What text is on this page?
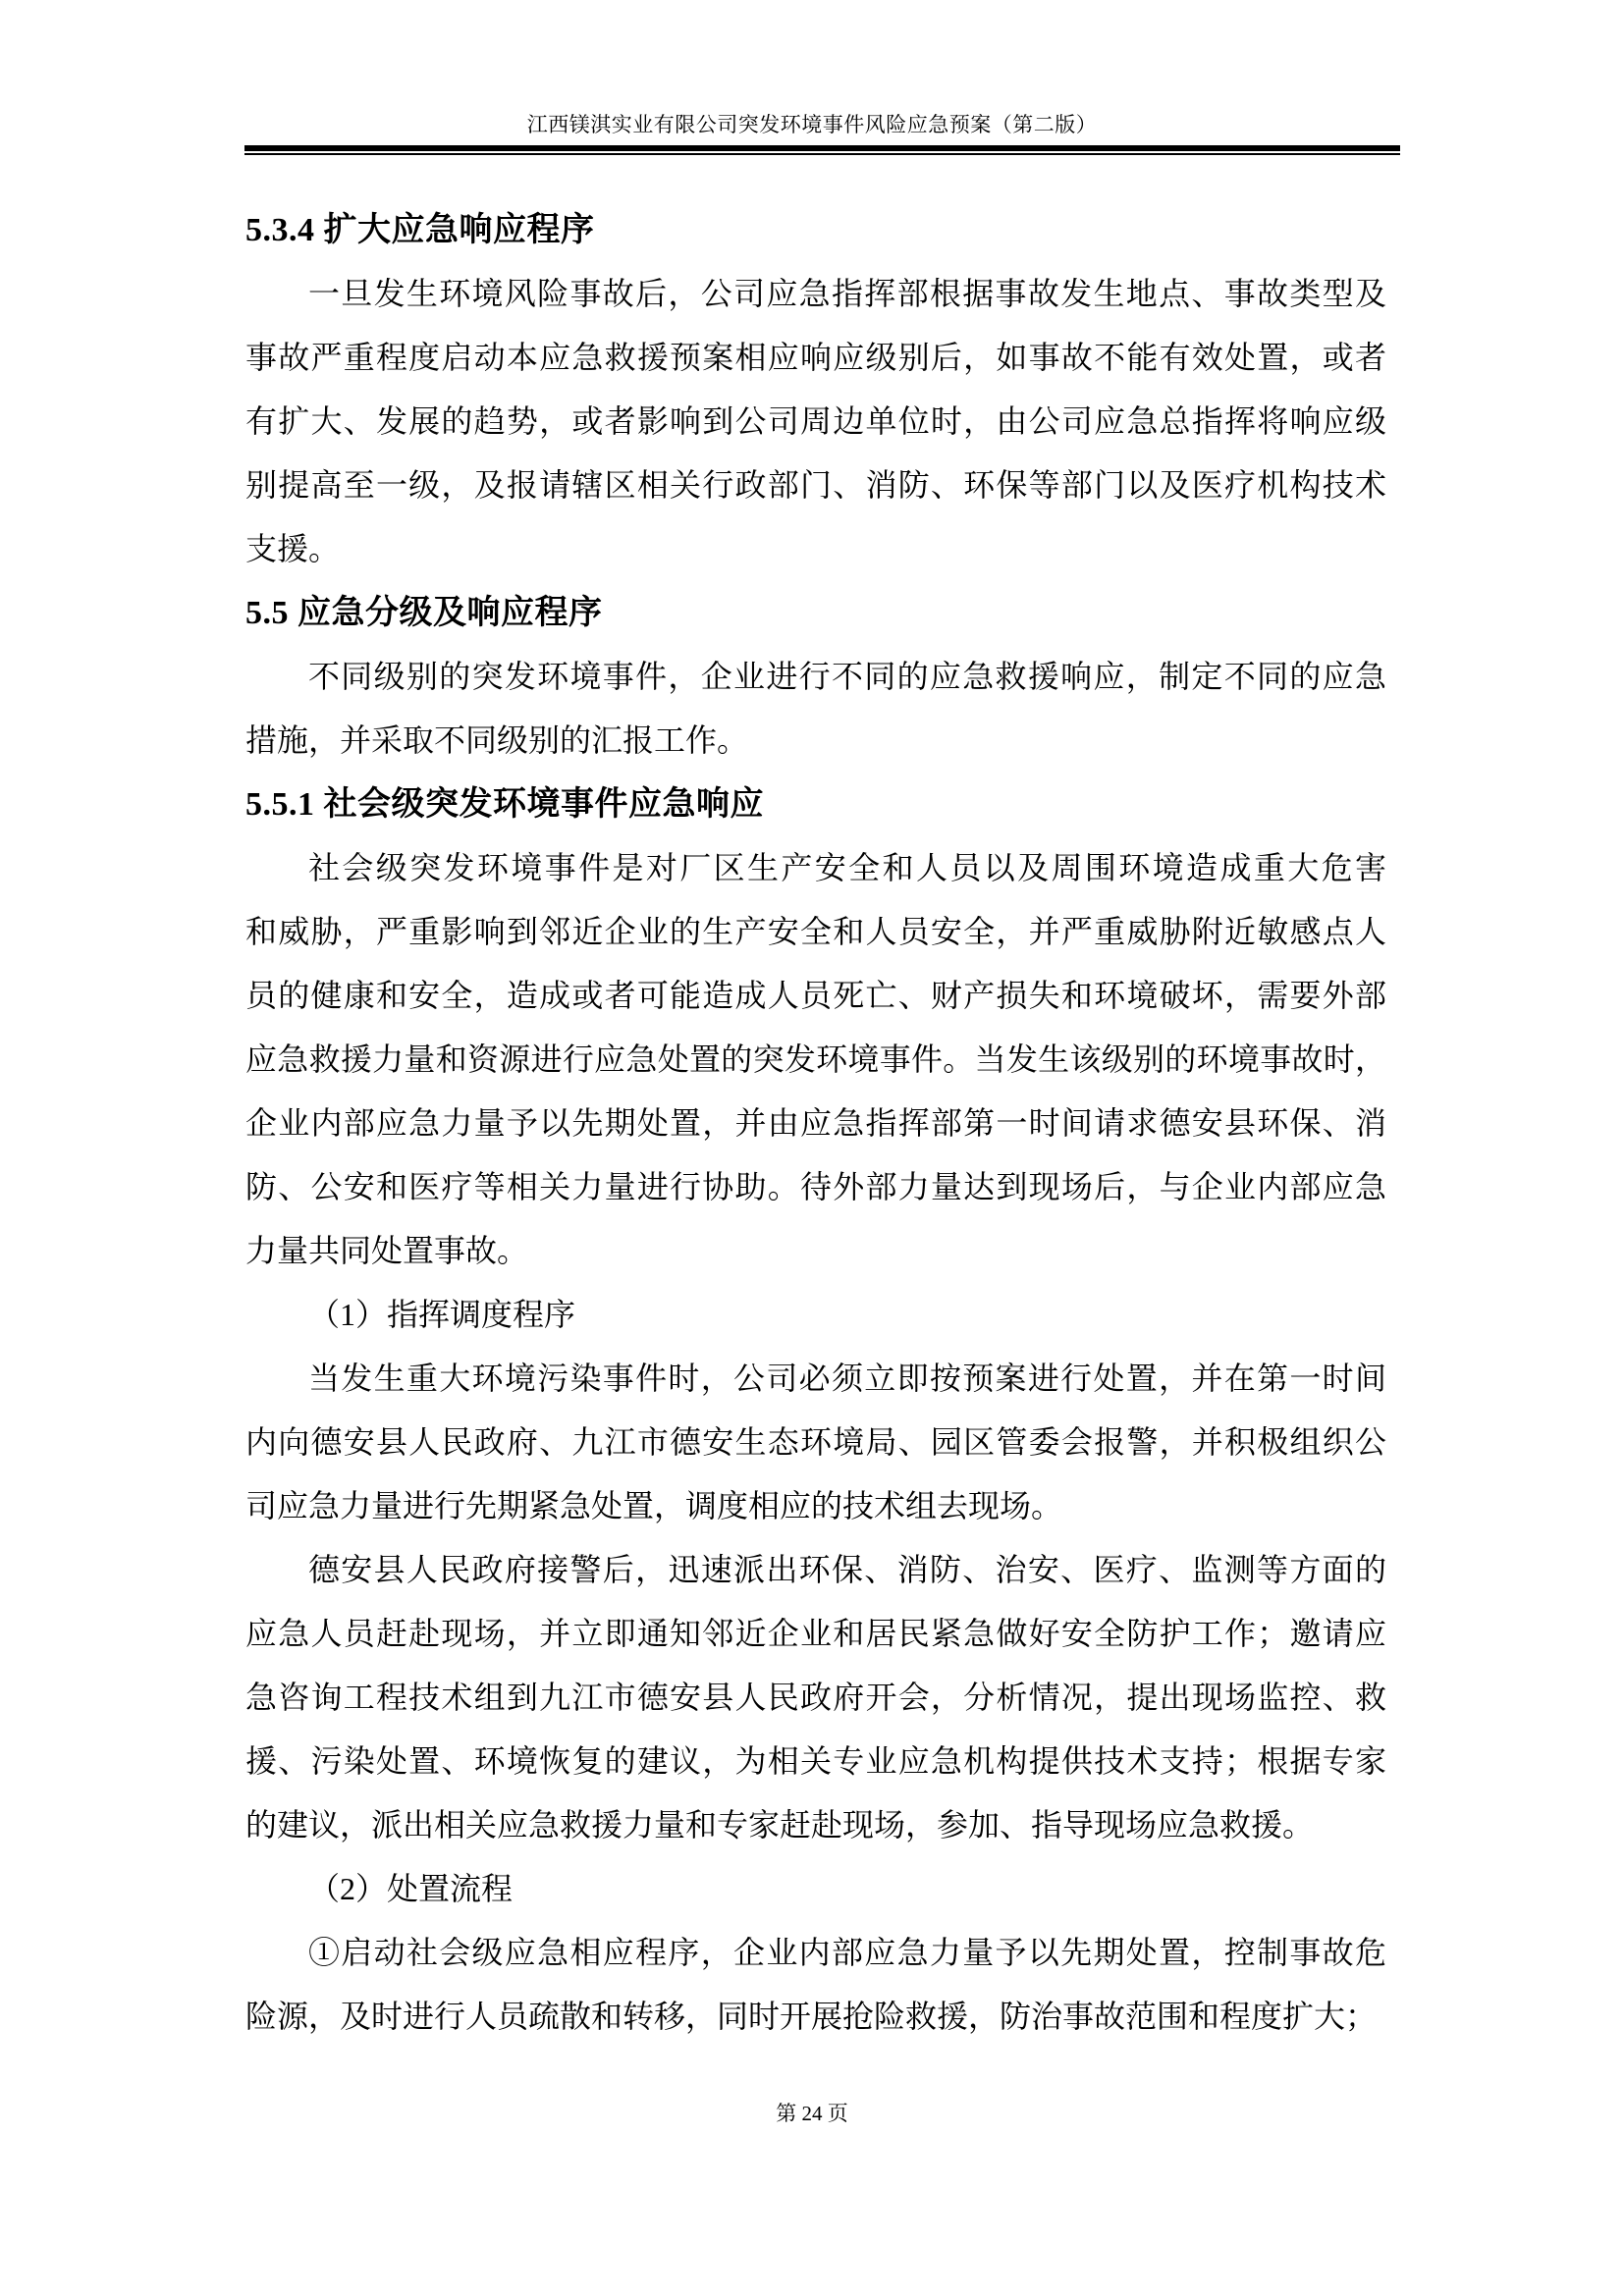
江西镁淇实业有限公司突发环境事件风险应急预案（第二版）
5.3.4 扩大应急响应程序
一旦发生环境风险事故后，公司应急指挥部根据事故发生地点、事故类型及
事故严重程度启动本应急救援预案相应响应级别后，如事故不能有效处置，或者
有扩大、发展的趋势，或者影响到公司周边单位时，由公司应急总指挥将响应级
别提高至一级，及报请辖区相关行政部门、消防、环保等部门以及医疗机构技术
支援。
5.5 应急分级及响应程序
不同级别的突发环境事件，企业进行不同的应急救援响应，制定不同的应急
措施，并采取不同级别的汇报工作。
5.5.1 社会级突发环境事件应急响应
社会级突发环境事件是对厂区生产安全和人员以及周围环境造成重大危害
和威胁，严重影响到邻近企业的生产安全和人员安全，并严重威胁附近敏感点人
员的健康和安全，造成或者可能造成人员死亡、财产损失和环境破坏，需要外部
应急救援力量和资源进行应急处置的突发环境事件。当发生该级别的环境事故时，
企业内部应急力量予以先期处置，并由应急指挥部第一时间请求德安县环保、消
防、公安和医疗等相关力量进行协助。待外部力量达到现场后，与企业内部应急
力量共同处置事故。
（1）指挥调度程序
当发生重大环境污染事件时，公司必须立即按预案进行处置，并在第一时间
内向德安县人民政府、九江市德安生态环境局、园区管委会报警，并积极组织公
司应急力量进行先期紧急处置，调度相应的技术组去现场。
德安县人民政府接警后，迅速派出环保、消防、治安、医疗、监测等方面的
应急人员赶赴现场，并立即通知邻近企业和居民紧急做好安全防护工作；邀请应
急咨询工程技术组到九江市德安县人民政府开会，分析情况，提出现场监控、救
援、污染处置、环境恢复的建议，为相关专业应急机构提供技术支持；根据专家
的建议，派出相关应急救援力量和专家赶赴现场，参加、指导现场应急救援。
（2）处置流程
①启动社会级应急相应程序，企业内部应急力量予以先期处置，控制事故危
险源，及时进行人员疏散和转移，同时开展抢险救援，防治事故范围和程度扩大；
第 24 页
